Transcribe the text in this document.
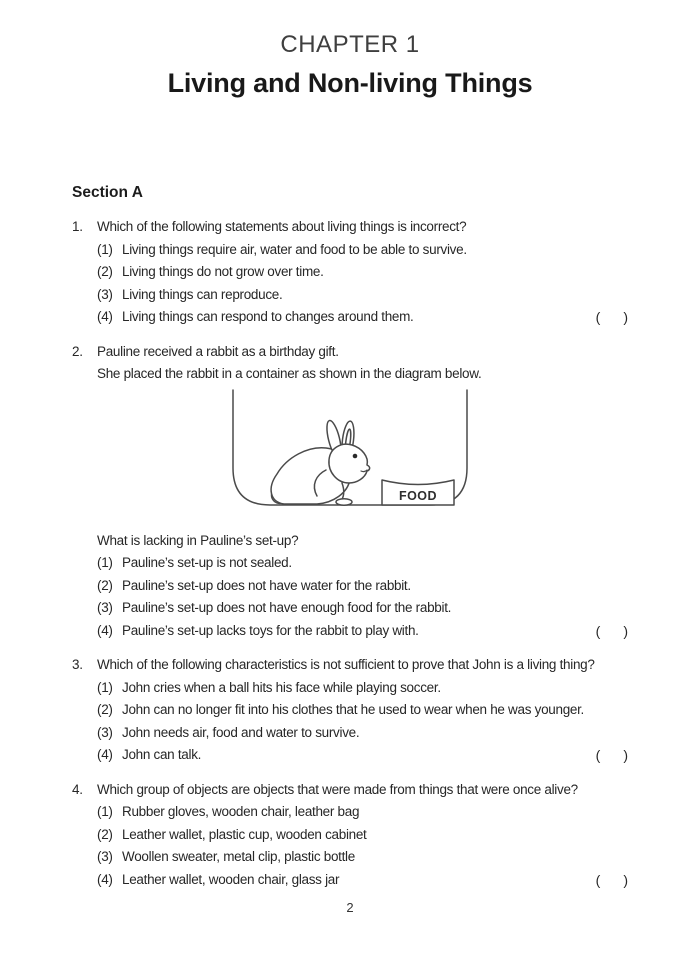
CHAPTER 1
Living and Non-living Things
Section A
1.	Which of the following statements about living things is incorrect?
(1) Living things require air, water and food to be able to survive.
(2) Living things do not grow over time.
(3) Living things can reproduce.
(4) Living things can respond to changes around them.	( )
2.	Pauline received a rabbit as a birthday gift.
She placed the rabbit in a container as shown in the diagram below.
FOOD
What is lacking in Pauline’s set-up?
(1) Pauline’s set-up is not sealed.
(2) Pauline’s set-up does not have water for the rabbit.
(3) Pauline’s set-up does not have enough food for the rabbit.
(4) Pauline’s set-up lacks toys for the rabbit to play with.	( )
3.	Which of the following characteristics is not sufficient to prove that John is a living thing?
(1) John cries when a ball hits his face while playing soccer.
(2) John can no longer fit into his clothes that he used to wear when he was younger.
(3) John needs air, food and water to survive.
(4) John can talk.	( )
4.	Which group of objects are objects that were made from things that were once alive?
(1) Rubber gloves, wooden chair, leather bag
(2) Leather wallet, plastic cup, wooden cabinet
(3) Woollen sweater, metal clip, plastic bottle
(4) Leather wallet, wooden chair, glass jar	( )
2
